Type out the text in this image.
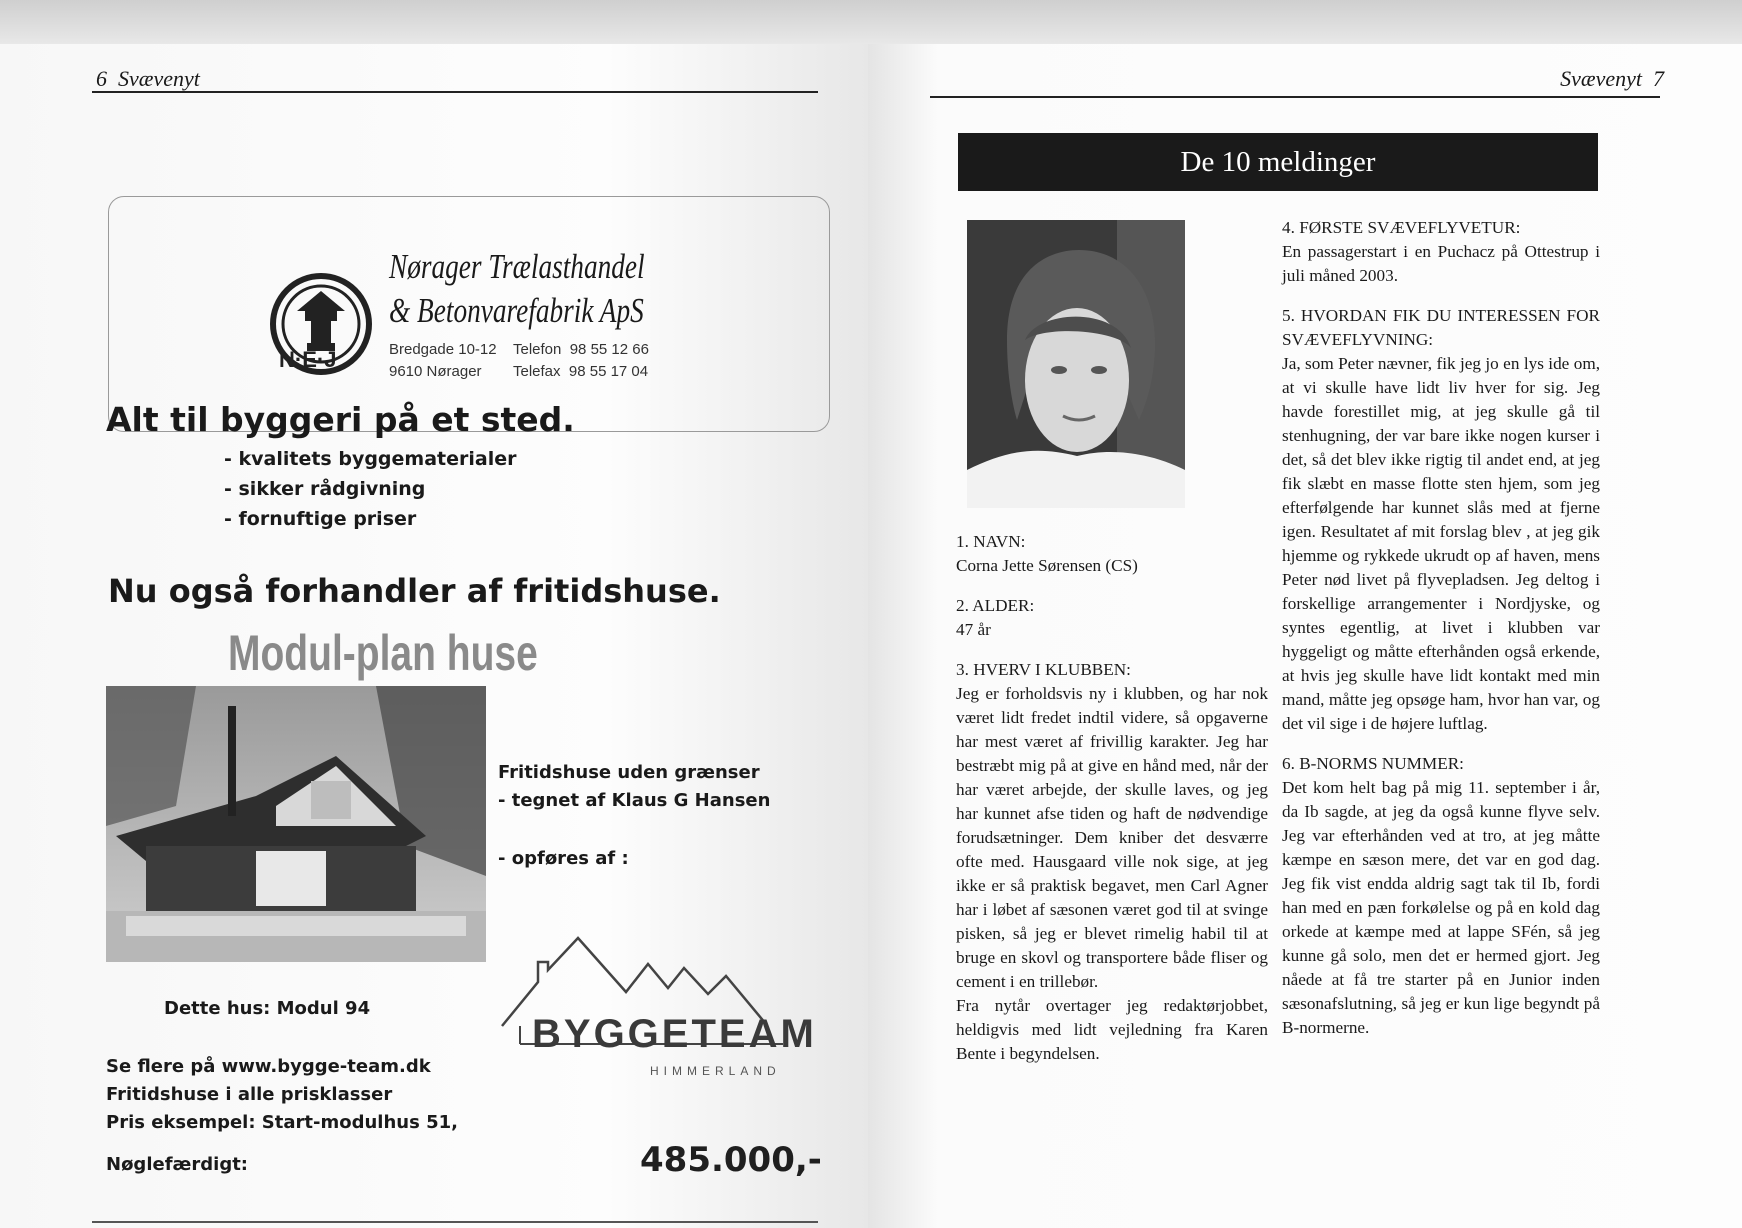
6 Svævenyt
N·E·J
Nørager Trælasthandel
& Betonvarefabrik ApS
Bredgade 10-12
9610 Nørager
Telefon 98 55 12 66
Telefax 98 55 17 04
Alt til byggeri på et sted.
- kvalitets byggematerialer
- sikker rådgivning
- fornuftige priser
Nu også forhandler af fritidshuse.
Modul-plan huse
Fritidshuse uden grænser
- tegnet af Klaus G Hansen
- opføres af :
BYGGETEAM
HIMMERLAND
Dette hus: Modul 94
Se flere på www.bygge-team.dk
Fritidshuse i alle prisklasser
Pris eksempel: Start-modulhus 51,
Nøglefærdigt:	485.000,-
Svævenyt 7
De 10 meldinger

1. NAVN:
Corna Jette Sørensen (CS)

2. ALDER:
47 år

3. HVERV I KLUBBEN:
Jeg er forholdsvis ny i klubben, og har nok været lidt fredet indtil videre, så opgaverne har mest været af frivillig karakter. Jeg har bestræbt mig på at give en hånd med, når der har været arbejde, der skulle laves, og jeg har kunnet afse tiden og haft de nødvendige forudsætninger. Dem kniber det desværre ofte med. Hausgaard ville nok sige, at jeg ikke er så praktisk begavet, men Carl Agner har i løbet af sæsonen været god til at svinge pisken, så jeg er blevet rimelig habil til at bruge en skovl og transportere både fliser og cement i en trillebør.

Fra nytår overtager jeg redaktørjobbet, heldigvis med lidt vejledning fra Karen Bente i begyndelsen.

4. FØRSTE SVÆVEFLYVETUR:
En passagerstart i en Puchacz på Ottestrup i juli måned 2003.

5. HVORDAN FIK DU INTERESSEN FOR SVÆVEFLYVNING:
Ja, som Peter nævner, fik jeg jo en lys ide om, at vi skulle have lidt liv hver for sig. Jeg havde forestillet mig, at jeg skulle gå til stenhugning, der var bare ikke nogen kurser i det, så det blev ikke rigtig til andet end, at jeg fik slæbt en masse flotte sten hjem, som jeg efterfølgende har kunnet slås med at fjerne igen. Resultatet af mit forslag blev , at jeg gik hjemme og rykkede ukrudt op af haven, mens Peter nød livet på flyvepladsen. Jeg deltog i forskellige arrangementer i Nordjyske, og syntes egentlig, at livet i klubben var hyggeligt og måtte efterhånden også erkende, at hvis jeg skulle have lidt kontakt med min mand, måtte jeg opsøge ham, hvor han var, og det vil sige i de højere luftlag.

6. B-NORMS NUMMER:
Det kom helt bag på mig 11. september i år, da Ib sagde, at jeg da også kunne flyve selv. Jeg var efterhånden ved at tro, at jeg måtte kæmpe en sæson mere, det var en god dag. Jeg fik vist endda aldrig sagt tak til Ib, fordi han med en pæn forkølelse og på en kold dag orkede at kæmpe med at lappe SFén, så jeg kunne gå solo, men det er hermed gjort. Jeg nåede at få tre starter på en Junior inden sæsonafslutning, så jeg er kun lige begyndt på B-normerne.
